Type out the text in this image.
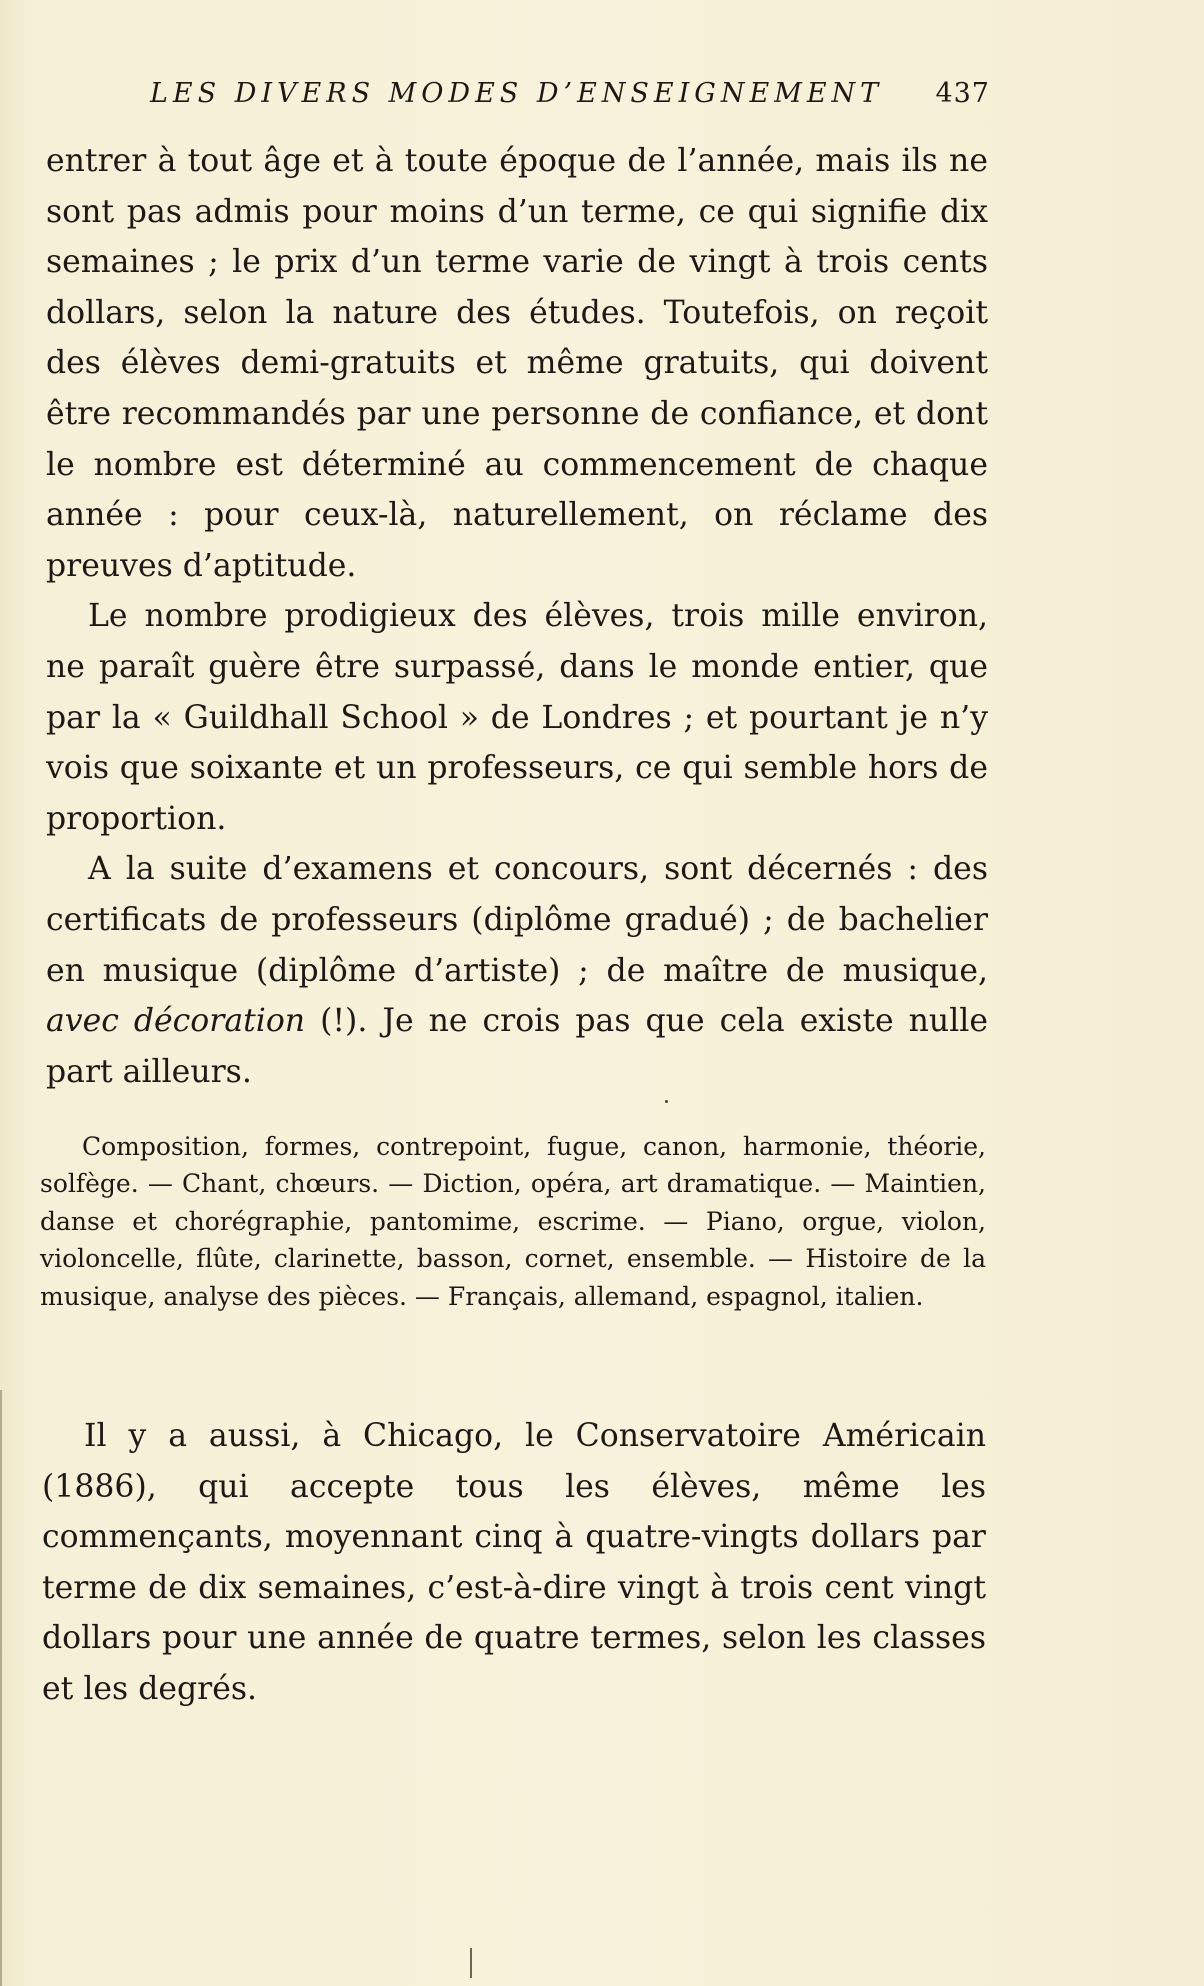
LES DIVERS MODES D’ENSEIGNEMENT 437

entrer à tout âge et à toute époque de l’année, mais ils ne sont pas admis pour moins d’un terme, ce qui signifie dix semaines ; le prix d’un terme varie de vingt à trois cents dollars, selon la nature des études. Toutefois, on reçoit des élèves demi-gratuits et même gratuits, qui doivent être recommandés par une personne de confiance, et dont le nombre est déterminé au commencement de chaque année : pour ceux-là, naturellement, on réclame des preuves d’aptitude.

Le nombre prodigieux des élèves, trois mille environ, ne paraît guère être surpassé, dans le monde entier, que par la « Guildhall School » de Londres ; et pourtant je n’y vois que soixante et un professeurs, ce qui semble hors de proportion.

A la suite d’examens et concours, sont décernés : des certificats de professeurs (diplôme gradué) ; de bachelier en musique (diplôme d’artiste) ; de maître de musique, avec décoration (!). Je ne crois pas que cela existe nulle part ailleurs.

Composition, formes, contrepoint, fugue, canon, harmonie, théorie, solfège. — Chant, chœurs. — Diction, opéra, art dramatique. — Maintien, danse et chorégraphie, pantomime, escrime. — Piano, orgue, violon, violoncelle, flûte, clarinette, basson, cornet, ensemble. — Histoire de la musique, analyse des pièces. — Français, allemand, espagnol, italien.

Il y a aussi, à Chicago, le Conservatoire Américain (1886), qui accepte tous les élèves, même les commençants, moyennant cinq à quatre-vingts dollars par terme de dix semaines, c’est-à-dire vingt à trois cent vingt dollars pour une année de quatre termes, selon les classes et les degrés.
